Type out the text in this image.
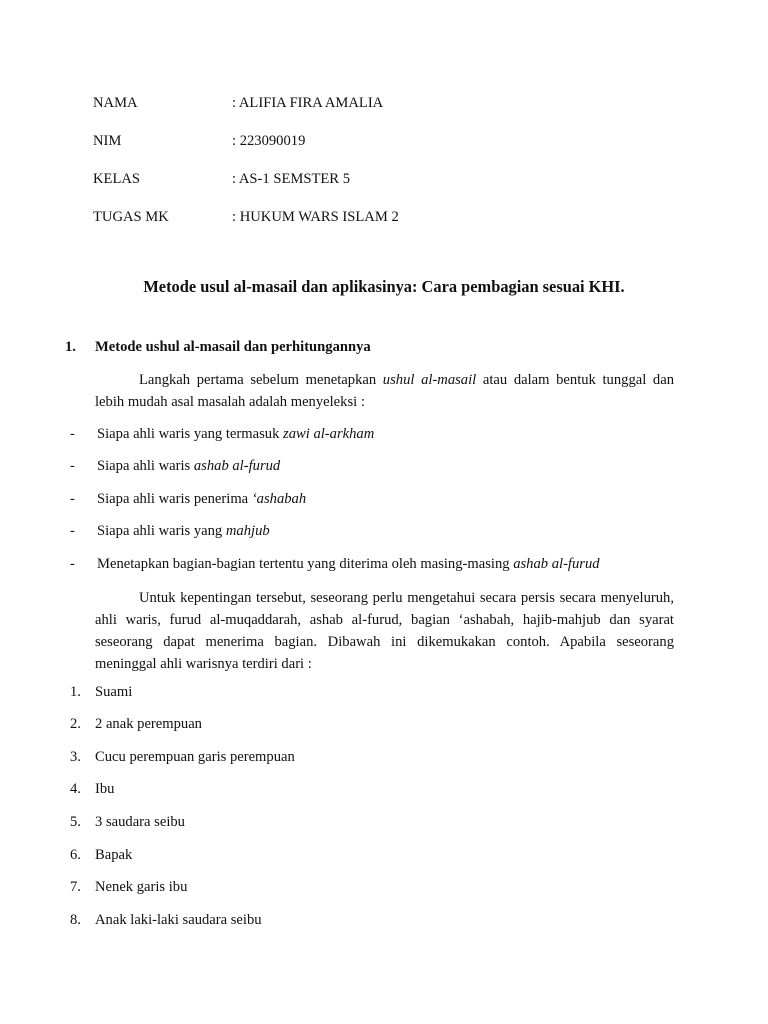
NAMA	: ALIFIA FIRA AMALIA
NIM	: 223090019
KELAS	: AS-1 SEMSTER 5
TUGAS MK	: HUKUM WARS ISLAM 2
Metode usul al-masail dan aplikasinya: Cara pembagian sesuai KHI.
1. Metode ushul al-masail dan perhitungannya
Langkah pertama sebelum menetapkan ushul al-masail atau dalam bentuk tunggal dan lebih mudah asal masalah adalah menyeleksi :
- Siapa ahli waris yang termasuk zawi al-arkham
- Siapa ahli waris ashab al-furud
- Siapa ahli waris penerima ‘ashabah
- Siapa ahli waris yang mahjub
- Menetapkan bagian-bagian tertentu yang diterima oleh masing-masing ashab al-furud
Untuk kepentingan tersebut, seseorang perlu mengetahui secara persis secara menyeluruh, ahli waris, furud al-muqaddarah, ashab al-furud, bagian ‘ashabah, hajib-mahjub dan syarat seseorang dapat menerima bagian. Dibawah ini dikemukakan contoh. Apabila seseorang meninggal ahli warisnya terdiri dari :
1. Suami
2. 2 anak perempuan
3. Cucu perempuan garis perempuan
4. Ibu
5. 3 saudara seibu
6. Bapak
7. Nenek garis ibu
8. Anak laki-laki saudara seibu
